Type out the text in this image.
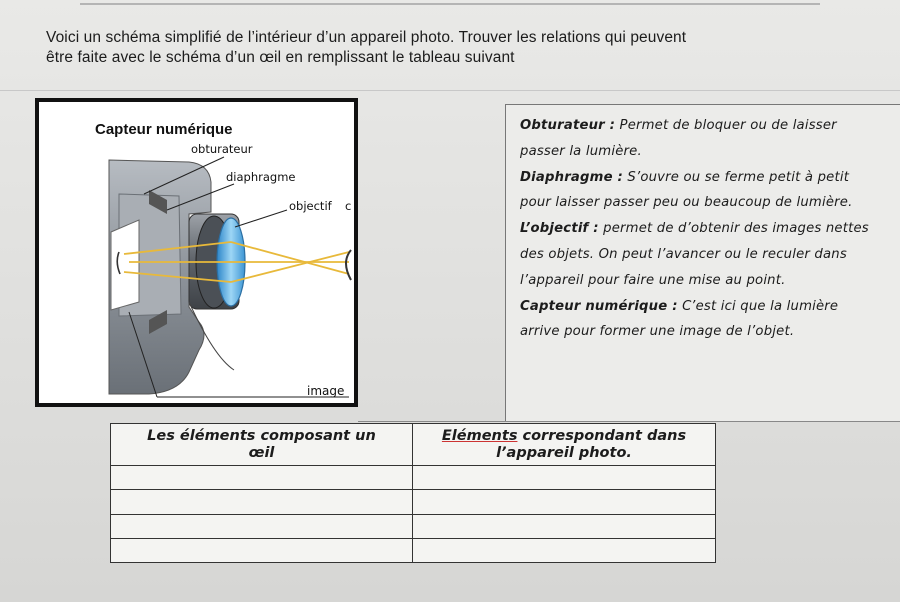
Voici un schéma simplifié de l’intérieur d’un appareil photo. Trouver les relations qui peuvent

être faite avec le schéma d’un œil en remplissant le tableau suivant

Capteur numérique
obturateur
diaphragme
objectif c
image
Obturateur : Permet de bloquer ou de laisser
passer la lumière.
Diaphragme : S’ouvre ou se ferme petit à petit
pour laisser passer peu ou beaucoup de lumière.
L’objectif : permet de d’obtenir des images nettes
des objets. On peut l’avancer ou le reculer dans
l’appareil pour faire une mise au point.
Capteur numérique : C’est ici que la lumière
arrive pour former une image de l’objet.
Les éléments composant un
œil	Eléments correspondant dans
l’appareil photo.
